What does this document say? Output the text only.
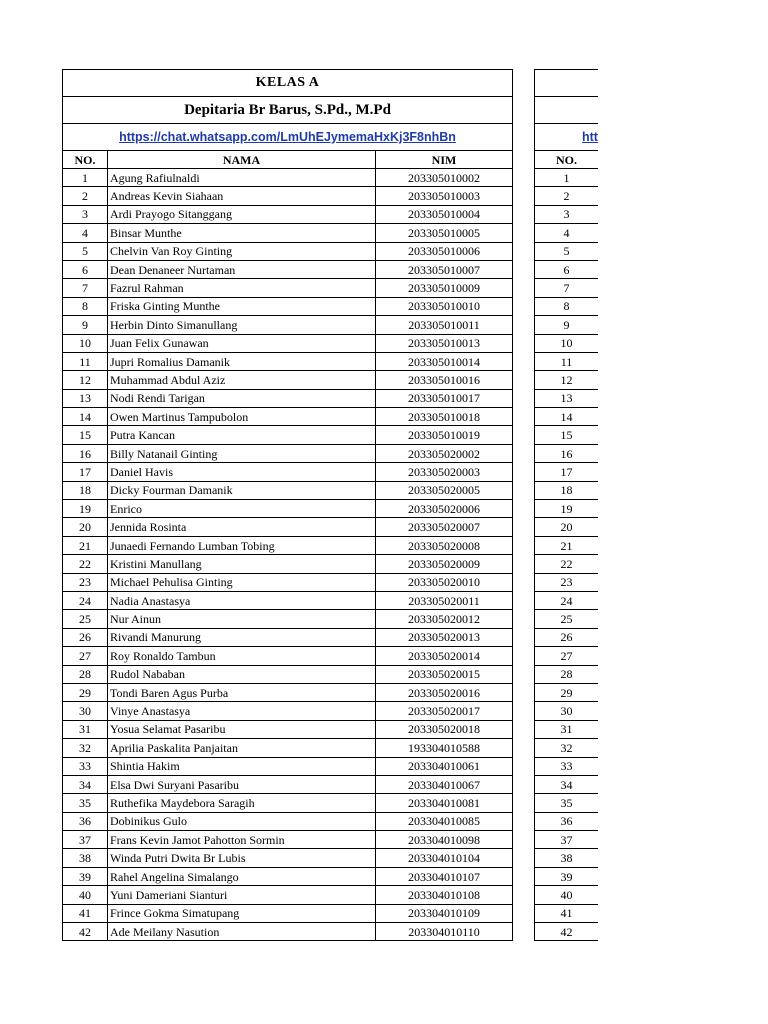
KELAS A		
Depitaria Br Barus, S.Pd., M.Pd		
https://chat.whatsapp.com/LmUhEJymemaHxKj3F8nhBn		
NO.	NAMA	NIM
1	Agung Rafiulnaldi	203305010002
2	Andreas Kevin Siahaan	203305010003
3	Ardi Prayogo Sitanggang	203305010004
4	Binsar Munthe	203305010005
5	Chelvin Van Roy Ginting	203305010006
6	Dean Denaneer Nurtaman	203305010007
7	Fazrul Rahman	203305010009
8	Friska Ginting Munthe	203305010010
9	Herbin Dinto Simanullang	203305010011
10	Juan Felix Gunawan	203305010013
11	Jupri Romalius Damanik	203305010014
12	Muhammad Abdul Aziz	203305010016
13	Nodi Rendi Tarigan	203305010017
14	Owen Martinus Tampubolon	203305010018
15	Putra Kancan	203305010019
16	Billy Natanail Ginting	203305020002
17	Daniel Havis	203305020003
18	Dicky Fourman Damanik	203305020005
19	Enrico	203305020006
20	Jennida Rosinta	203305020007
21	Junaedi Fernando Lumban Tobing	203305020008
22	Kristini Manullang	203305020009
23	Michael Pehulisa Ginting	203305020010
24	Nadia Anastasya	203305020011
25	Nur Ainun	203305020012
26	Rivandi Manurung	203305020013
27	Roy Ronaldo Tambun	203305020014
28	Rudol Nababan	203305020015
29	Tondi Baren Agus Purba	203305020016
30	Vinye Anastasya	203305020017
31	Yosua Selamat Pasaribu	203305020018
32	Aprilia Paskalita Panjaitan	193304010588
33	Shintia Hakim	203304010061
34	Elsa Dwi Suryani Pasaribu	203304010067
35	Ruthefika Maydebora Saragih	203304010081
36	Dobinikus Gulo	203304010085
37	Frans Kevin Jamot Pahotton Sormin	203304010098
38	Winda Putri Dwita Br Lubis	203304010104
39	Rahel Angelina Simalango	203304010107
40	Yuni Dameriani Sianturi	203304010108
41	Frince Gokma Simatupang	203304010109
42	Ade Meilany Nasution	203304010110

htt	
NO.	
1	
2	
3	
4	
5	
6	
7	
8	
9	
10	
11	
12	
13	
14	
15	
16	
17	
18	
19	
20	
21	
22	
23	
24	
25	
26	
27	
28	
29	
30	
31	
32	
33	
34	
35	
36	
37	
38	
39	
40	
41	
42	
